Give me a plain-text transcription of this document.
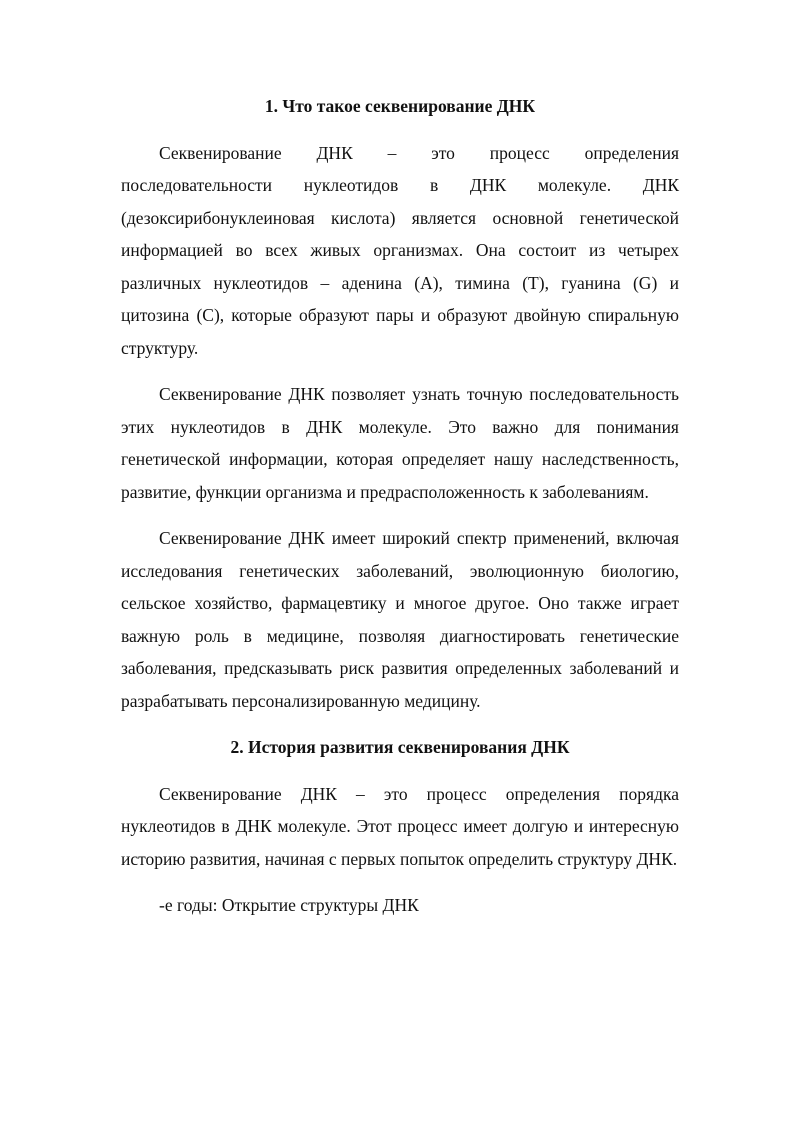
1. Что такое секвенирование ДНК

Секвенирование ДНК – это процесс определения последовательности нуклеотидов в ДНК молекуле. ДНК (дезоксирибонуклеиновая кислота) является основной генетической информацией во всех живых организмах. Она состоит из четырех различных нуклеотидов – аденина (A), тимина (T), гуанина (G) и цитозина (C), которые образуют пары и образуют двойную спиральную структуру.

Секвенирование ДНК позволяет узнать точную последовательность этих нуклеотидов в ДНК молекуле. Это важно для понимания генетической информации, которая определяет нашу наследственность, развитие, функции организма и предрасположенность к заболеваниям.

Секвенирование ДНК имеет широкий спектр применений, включая исследования генетических заболеваний, эволюционную биологию, сельское хозяйство, фармацевтику и многое другое. Оно также играет важную роль в медицине, позволяя диагностировать генетические заболевания, предсказывать риск развития определенных заболеваний и разрабатывать персонализированную медицину.

2. История развития секвенирования ДНК

Секвенирование ДНК – это процесс определения порядка нуклеотидов в ДНК молекуле. Этот процесс имеет долгую и интересную историю развития, начиная с первых попыток определить структуру ДНК.

-е годы: Открытие структуры ДНК
